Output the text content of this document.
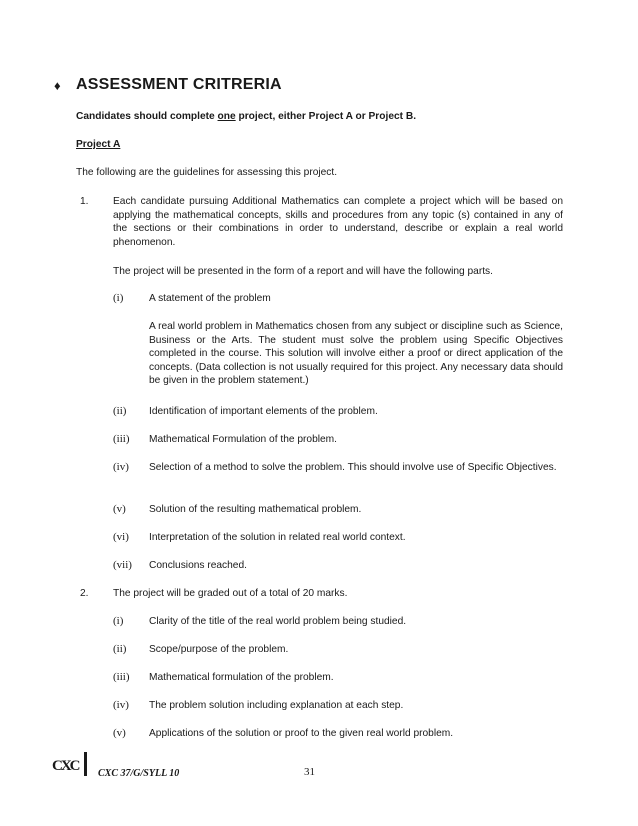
♦ ASSESSMENT CRITRERIA
Candidates should complete one project, either Project A or Project B.
Project A
The following are the guidelines for assessing this project.
1. Each candidate pursuing Additional Mathematics can complete a project which will be based on applying the mathematical concepts, skills and procedures from any topic (s) contained in any of the sections or their combinations in order to understand, describe or explain a real world phenomenon.
The project will be presented in the form of a report and will have the following parts.
(i)	A statement of the problem
A real world problem in Mathematics chosen from any subject or discipline such as Science, Business or the Arts. The student must solve the problem using Specific Objectives completed in the course. This solution will involve either a proof or direct application of the concepts. (Data collection is not usually required for this project. Any necessary data should be given in the problem statement.)
(ii) Identification of important elements of the problem.
(iii) Mathematical Formulation of the problem.
(iv) Selection of a method to solve the problem. This should involve use of Specific Objectives.
(v) Solution of the resulting mathematical problem.
(vi) Interpretation of the solution in related real world context.
(vii) Conclusions reached.
2. The project will be graded out of a total of 20 marks.
(i)	Clarity of the title of the real world problem being studied.
(ii) Scope/purpose of the problem.
(iii) Mathematical formulation of the problem.
(iv) The problem solution including explanation at each step.
(v) Applications of the solution or proof to the given real world problem.
CXC CXC 37/G/SYLL 10	31
